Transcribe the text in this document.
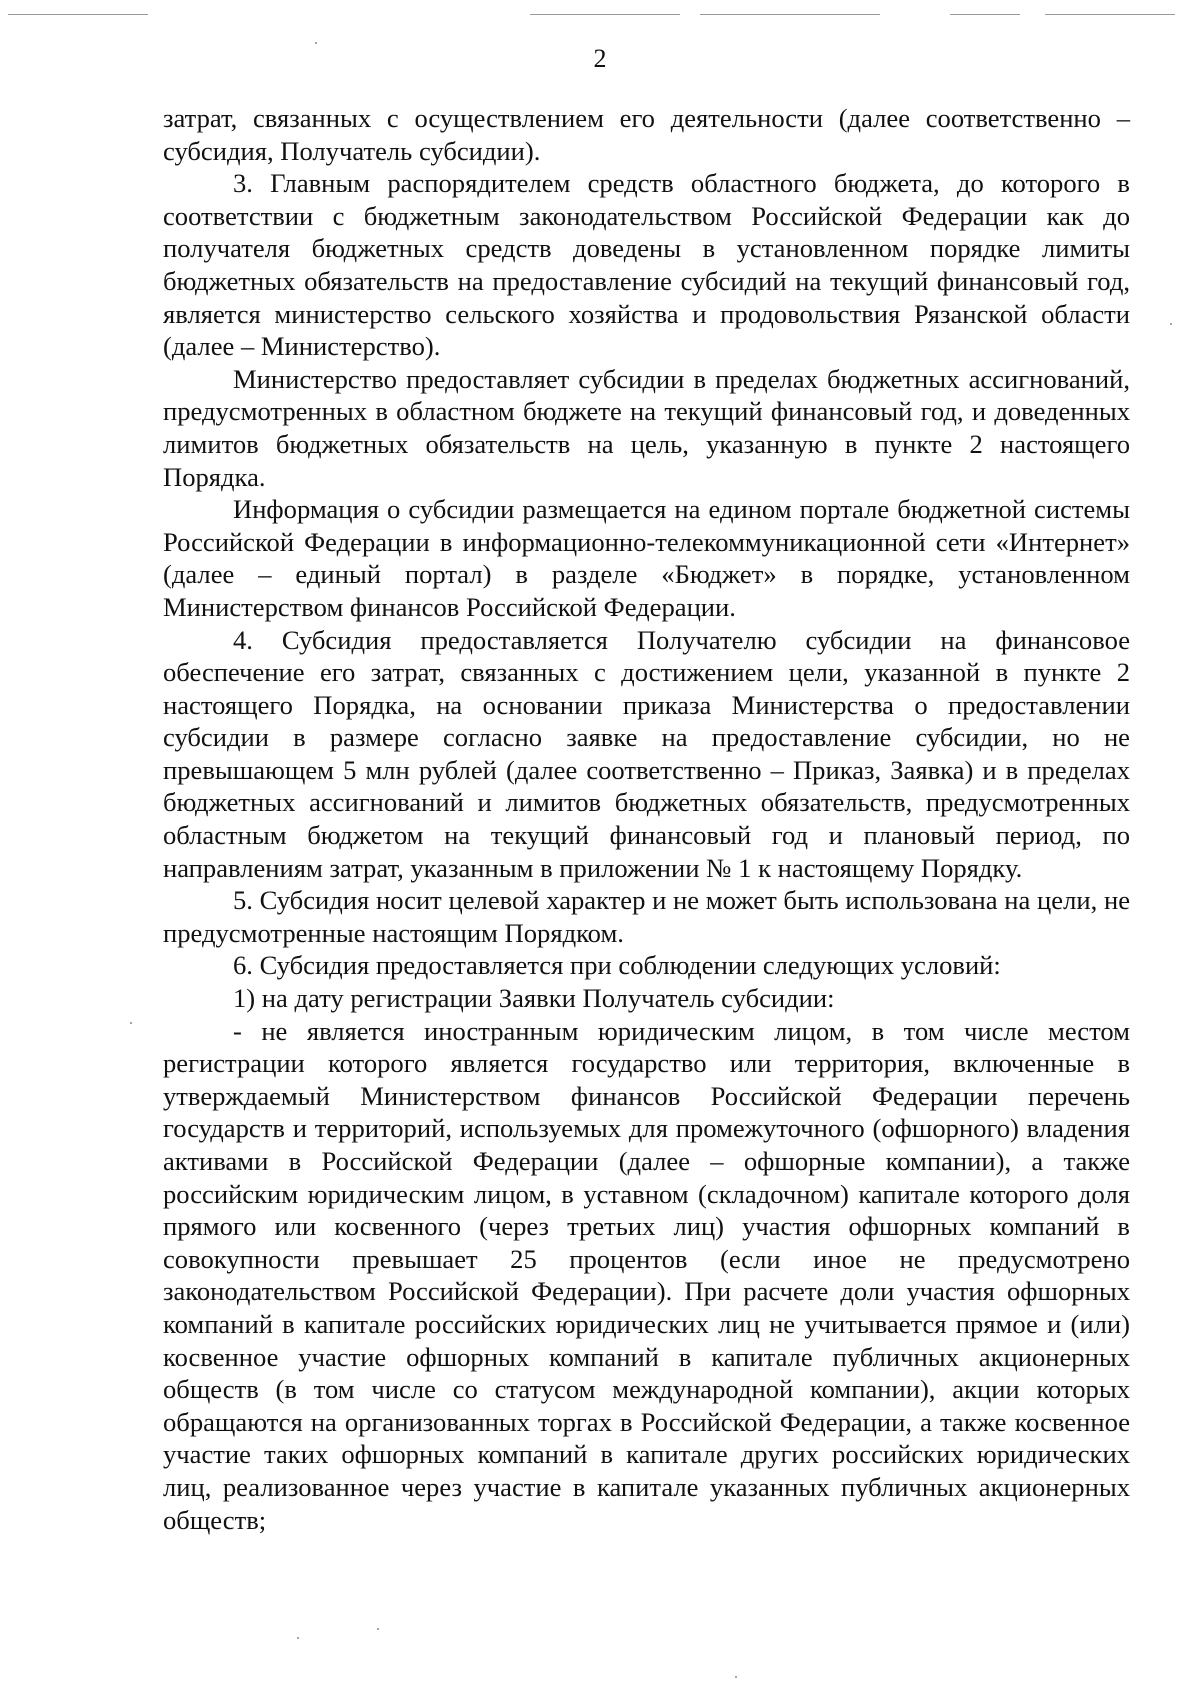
2

затрат, связанных с осуществлением его деятельности (далее соответственно – субсидия, Получатель субсидии).

3. Главным распорядителем средств областного бюджета, до которого в соответствии с бюджетным законодательством Российской Федерации как до получателя бюджетных средств доведены в установленном порядке лимиты бюджетных обязательств на предоставление субсидий на текущий финансовый год, является министерство сельского хозяйства и продовольствия Рязанской области (далее – Министерство).

Министерство предоставляет субсидии в пределах бюджетных ассигнований, предусмотренных в областном бюджете на текущий финансовый год, и доведенных лимитов бюджетных обязательств на цель, указанную в пункте 2 настоящего Порядка.

Информация о субсидии размещается на едином портале бюджетной системы Российской Федерации в информационно-телекоммуникационной сети «Интернет» (далее – единый портал) в разделе «Бюджет» в порядке, установленном Министерством финансов Российской Федерации.

4. Субсидия предоставляется Получателю субсидии на финансовое обеспечение его затрат, связанных с достижением цели, указанной в пункте 2 настоящего Порядка, на основании приказа Министерства о предоставлении субсидии в размере согласно заявке на предоставление субсидии, но не превышающем 5 млн рублей (далее соответственно – Приказ, Заявка) и в пределах бюджетных ассигнований и лимитов бюджетных обязательств, предусмотренных областным бюджетом на текущий финансовый год и плановый период, по направлениям затрат, указанным в приложении № 1 к настоящему Порядку.

5. Субсидия носит целевой характер и не может быть использована на цели, не предусмотренные настоящим Порядком.

6. Субсидия предоставляется при соблюдении следующих условий:

1) на дату регистрации Заявки Получатель субсидии:

- не является иностранным юридическим лицом, в том числе местом регистрации которого является государство или территория, включенные в утверждаемый Министерством финансов Российской Федерации перечень государств и территорий, используемых для промежуточного (офшорного) владения активами в Российской Федерации (далее – офшорные компании), а также российским юридическим лицом, в уставном (складочном) капитале которого доля прямого или косвенного (через третьих лиц) участия офшорных компаний в совокупности превышает 25 процентов (если иное не предусмотрено законодательством Российской Федерации). При расчете доли участия офшорных компаний в капитале российских юридических лиц не учитывается прямое и (или) косвенное участие офшорных компаний в капитале публичных акционерных обществ (в том числе со статусом международной компании), акции которых обращаются на организованных торгах в Российской Федерации, а также косвенное участие таких офшорных компаний в капитале других российских юридических лиц, реализованное через участие в капитале указанных публичных акционерных обществ;
